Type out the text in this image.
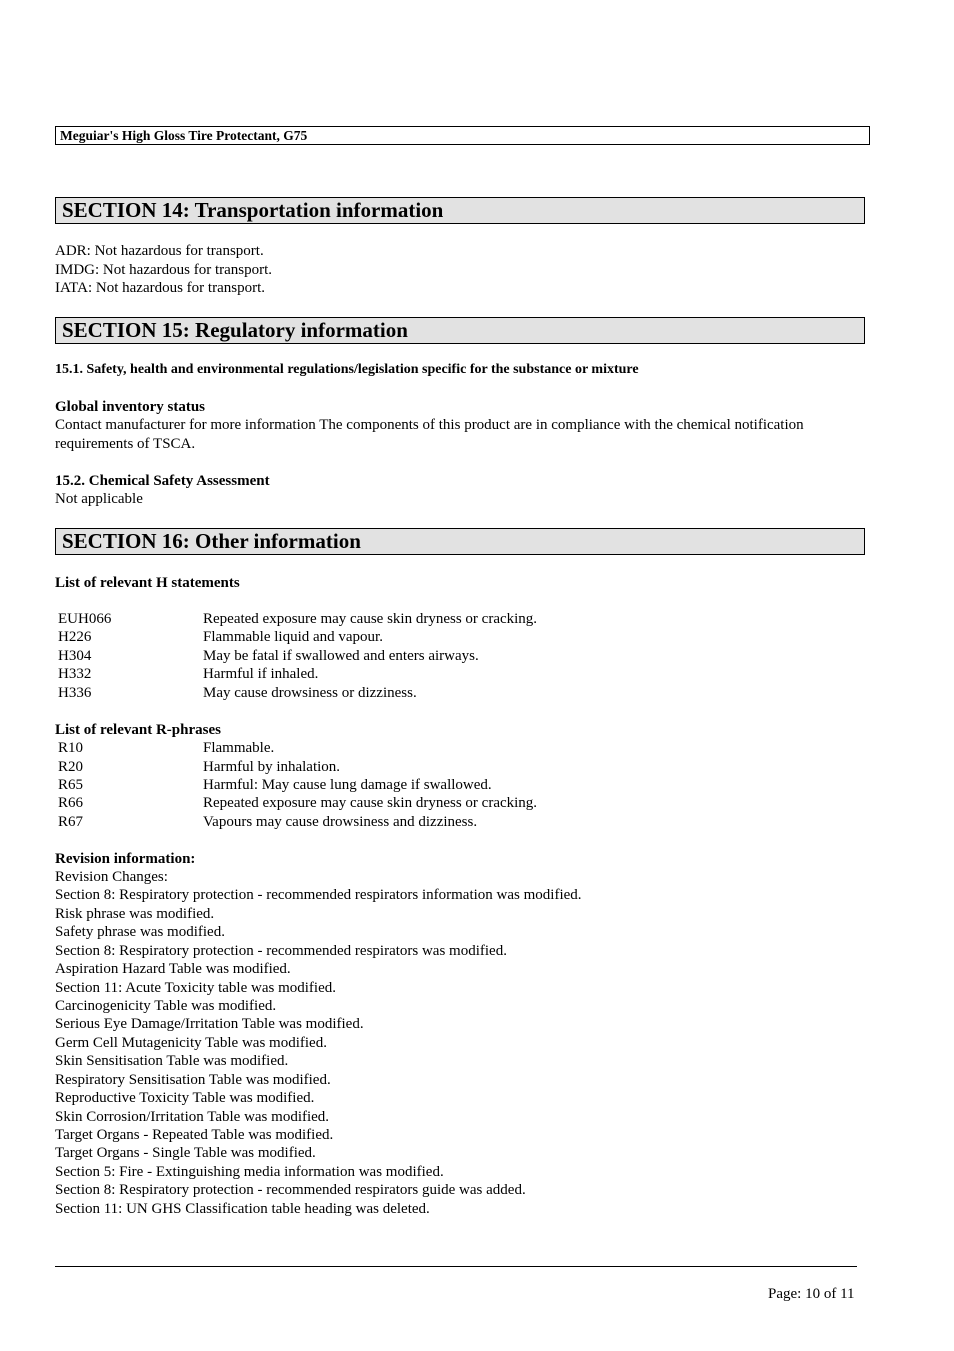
Meguiar's High Gloss Tire Protectant, G75
SECTION 14: Transportation information
ADR: Not hazardous for transport.
IMDG: Not hazardous for transport.
IATA: Not hazardous for transport.
SECTION 15: Regulatory information
15.1. Safety, health and environmental regulations/legislation specific for the substance or mixture
Global inventory status
Contact manufacturer for more information The components of this product are in compliance with the chemical notification requirements of TSCA.
15.2. Chemical Safety Assessment
Not applicable
SECTION 16: Other information
List of relevant H statements
EUH066	Repeated exposure may cause skin dryness or cracking.
H226	Flammable liquid and vapour.
H304	May be fatal if swallowed and enters airways.
H332	Harmful if inhaled.
H336	May cause drowsiness or dizziness.
List of relevant R-phrases
R10	Flammable.
R20	Harmful by inhalation.
R65	Harmful: May cause lung damage if swallowed.
R66	Repeated exposure may cause skin dryness or cracking.
R67	Vapours may cause drowsiness and dizziness.
Revision information:
Revision Changes:
Section 8: Respiratory protection - recommended respirators information was modified.
Risk phrase was modified.
Safety phrase was modified.
Section 8: Respiratory protection - recommended respirators was modified.
Aspiration Hazard Table was modified.
Section 11: Acute Toxicity table was modified.
Carcinogenicity Table was modified.
Serious Eye Damage/Irritation Table was modified.
Germ Cell Mutagenicity Table was modified.
Skin Sensitisation Table was modified.
Respiratory Sensitisation Table was modified.
Reproductive Toxicity Table was modified.
Skin Corrosion/Irritation Table was modified.
Target Organs - Repeated Table was modified.
Target Organs - Single Table was modified.
Section 5: Fire - Extinguishing media information was modified.
Section 8: Respiratory protection - recommended respirators guide was added.
Section 11: UN GHS Classification table heading was deleted.
Page: 10 of 11
